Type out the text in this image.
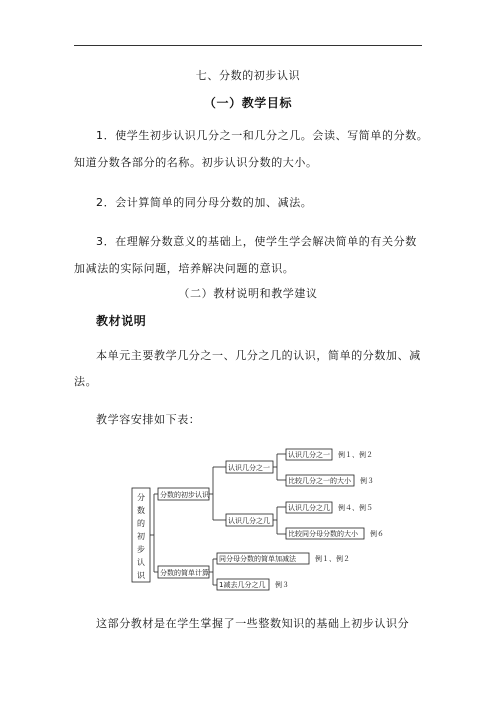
七、分数的初步认识
（一）教学目标
1．使学生初步认识几分之一和几分之几。会读、写简单的分数。
知道分数各部分的名称。初步认识分数的大小。
2．会计算简单的同分母分数的加、减法。
3．在理解分数意义的基础上，使学生学会解决简单的有关分数
加减法的实际问题，培养解决问题的意识。
（二）教材说明和教学建议
教材说明
本单元主要教学几分之一、几分之几的认识，简单的分数加、减
法。
教学容安排如下表：
分
数
的
初
步
认
识
分数的初步认识
认识几分之一
认识几分之一 例１、例２
比较几分之一的大小 例３
认识几分之几
认识几分之几 例４、例５
比较同分母分数的大小 例６
分数的简单计算
同分母分数的简单加减法	例１、例２
1减去几分之几 例３
这部分教材是在学生掌握了一些整数知识的基础上初步认识分
